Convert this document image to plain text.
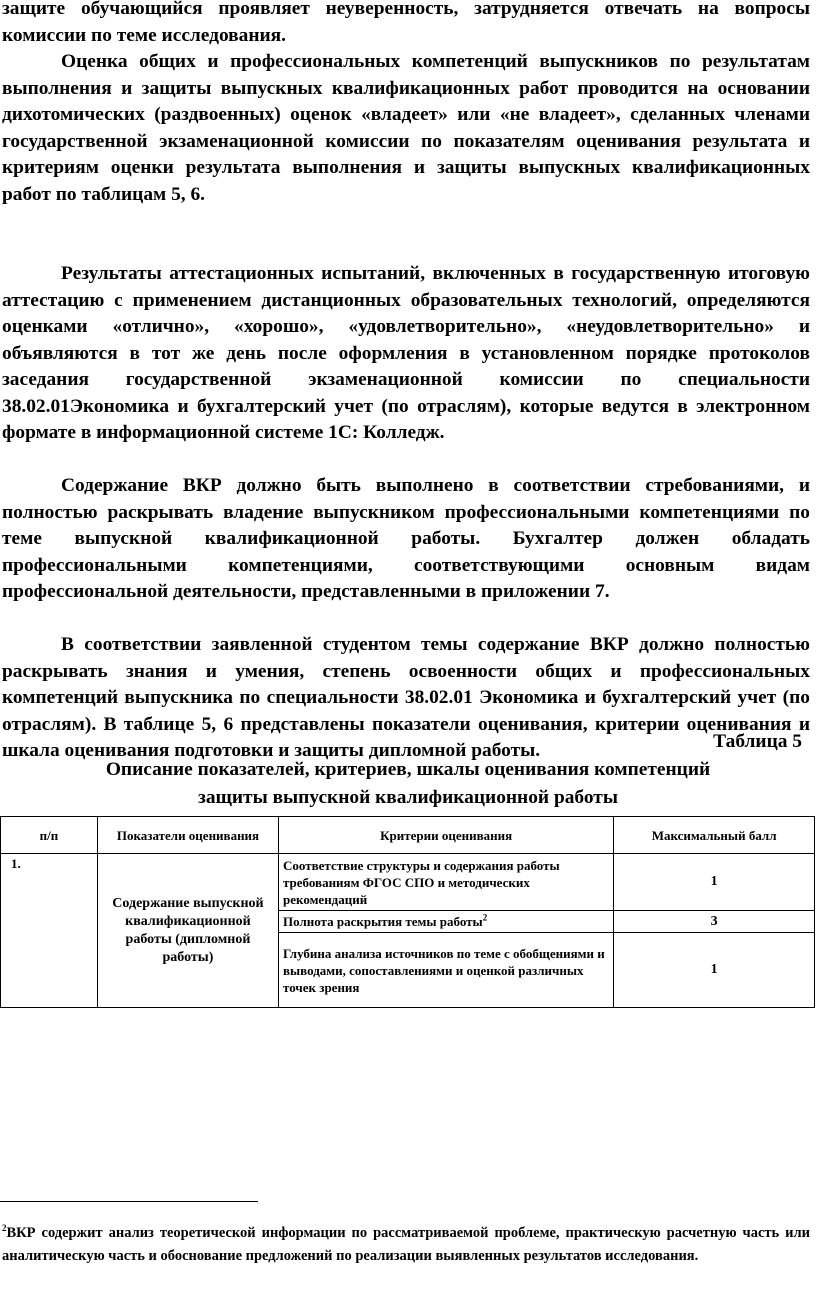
защите обучающийся проявляет неуверенность, затрудняется отвечать на вопросы комиссии по теме исследования.
Оценка общих и профессиональных компетенций выпускников по результатам выполнения и защиты выпускных квалификационных работ проводится на основании дихотомических (раздвоенных) оценок «владеет» или «не владеет», сделанных членами государственной экзаменационной комиссии по показателям оценивания результата и критериям оценки результата выполнения и защиты выпускных квалификационных работ по таблицам 5, 6.
Результаты аттестационных испытаний, включенных в государственную итоговую аттестацию с применением дистанционных образовательных технологий, определяются оценками «отлично», «хорошо», «удовлетворительно», «неудовлетворительно» и объявляются в тот же день после оформления в установленном порядке протоколов заседания государственной экзаменационной комиссии по специальности 38.02.01Экономика и бухгалтерский учет (по отраслям), которые ведутся в электронном формате в информационной системе 1С: Колледж.
Содержание ВКР должно быть выполнено в соответствии стребованиями, и полностью раскрывать владение выпускником профессиональными компетенциями по теме выпускной квалификационной работы. Бухгалтер должен обладать профессиональными компетенциями, соответствующими основным видам профессиональной деятельности, представленными в приложении 7.
В соответствии заявленной студентом темы содержание ВКР должно полностью раскрывать знания и умения, степень освоенности общих и профессиональных компетенций выпускника по специальности 38.02.01 Экономика и бухгалтерский учет (по отраслям). В таблице 5, 6 представлены показатели оценивания, критерии оценивания и шкала оценивания подготовки и защиты дипломной работы.	Таблица 5
Описание показателей, критериев, шкалы оценивания компетенций
защиты выпускной квалификационной работы
п/п	Показатели оценивания	Критерии оценивания	Максимальный балл
1.	Содержание выпускной квалификационной работы (дипломной работы)	Соответствие структуры и содержания работы требованиям ФГОС СПО и методических рекомендаций	1
		Полнота раскрытия темы работы$^2$	3
		Глубина анализа источников по теме с обобщениями и выводами, сопоставлениями и оценкой различных точек зрения	1
$^2$ВКР содержит анализ теоретической информации по рассматриваемой проблеме, практическую расчетную часть или аналитическую часть и обоснование предложений по реализации выявленных результатов исследования.
